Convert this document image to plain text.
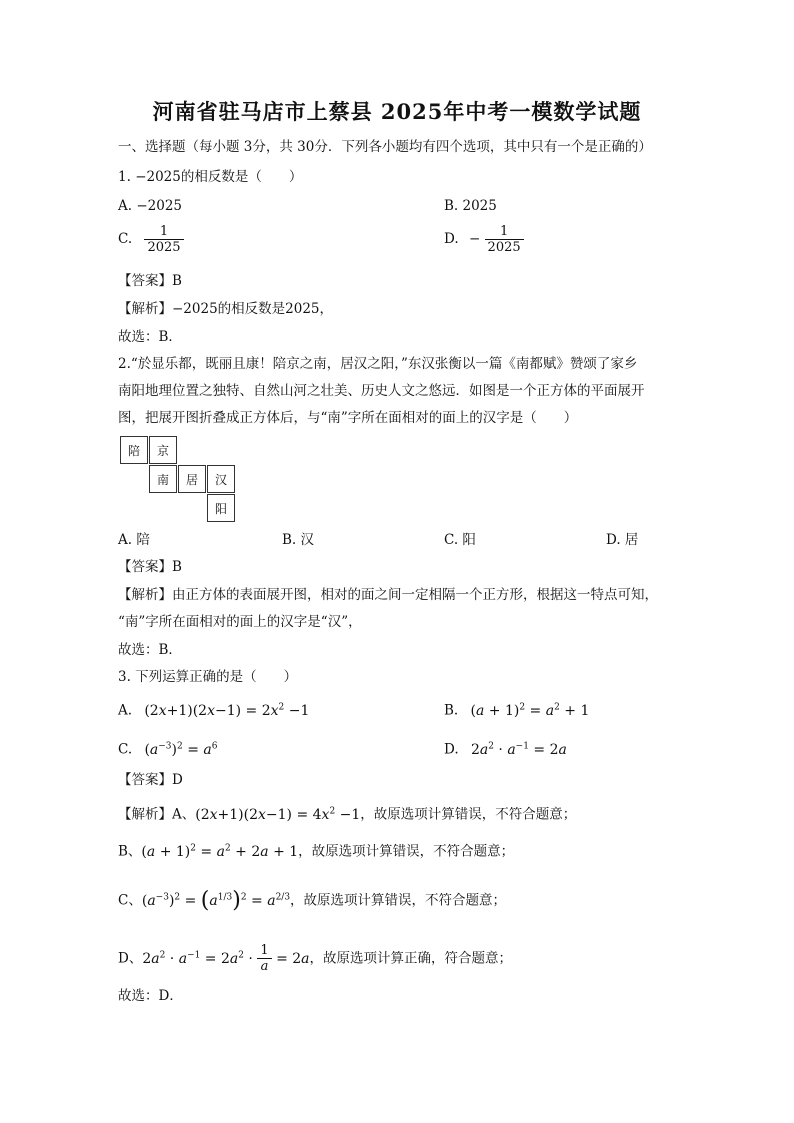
河南省驻马店市上蔡县 2025年中考一模数学试题
一、选择题（每小题 3分，共 30分．下列各小题均有四个选项，其中只有一个是正确的）
1. −2025的相反数是（　　）
A. −2025	B. 2025
C. $\frac{1}{2025}$	D. − $\frac{1}{2025}$
【答案】B
【解析】−2025的相反数是2025，
故选：B．
2.“於显乐都，既丽且康！陪京之南，居汉之阳，”东汉张衡以一篇《南都赋》赞颂了家乡
南阳地理位置之独特、自然山河之壮美、历史人文之悠远．如图是一个正方体的平面展开
图，把展开图折叠成正方体后，与“南”字所在面相对的面上的汉字是（　　）
陪	京
南	居	汉
阳
A. 陪	B. 汉	C. 阳	D. 居
【答案】B
【解析】由正方体的表面展开图，相对的面之间一定相隔一个正方形，根据这一特点可知，
“南”字所在面相对的面上的汉字是“汉”，
故选：B．
3. 下列运算正确的是（　　）
A. $(2x+1)(2x-1) = 2x^2 -1$	B. $(a + 1)^2 = a^2 + 1$
C. $(a^{-3})^2 = a^6$	D. $2a^2 \cdot a^{-1} = 2a$
【答案】D
【解析】A、$(2x+1)(2x-1) = 4x^2 -1$，故原选项计算错误，不符合题意；
B、$(a + 1)^2 = a^2 + 2a + 1$，故原选项计算错误，不符合题意；
C、$(a^{-3})^2 = (a^{1/3})^2 = a^{2/3}$，故原选项计算错误，不符合题意；
D、$2a^2 \cdot a^{-1} = 2a^2 \cdot \frac{1}{a} = 2a$，故原选项计算正确，符合题意；
故选：D．
